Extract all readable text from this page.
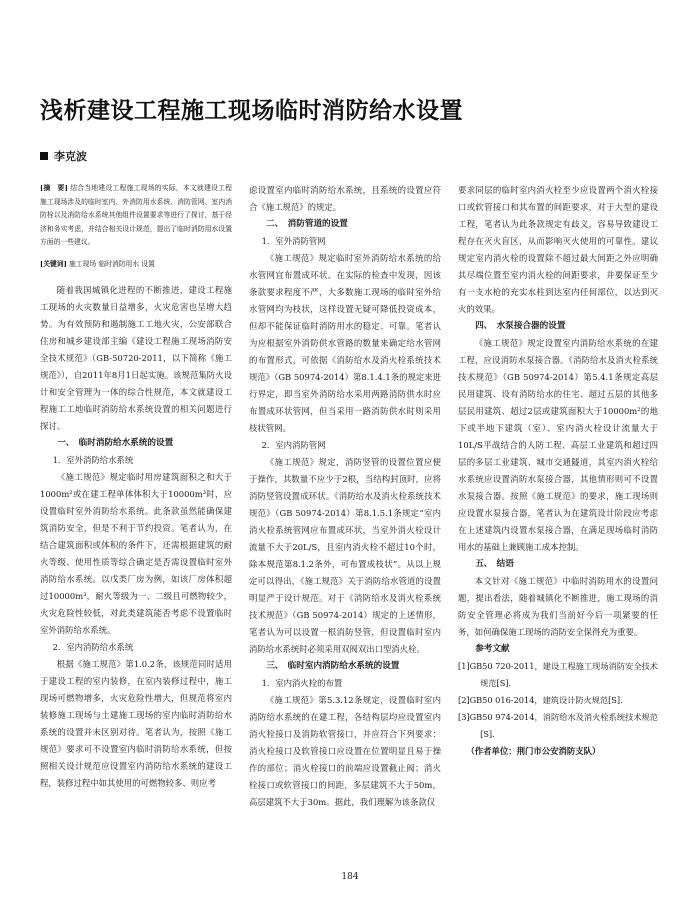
浅析建设工程施工现场临时消防给水设置
李克波
[摘　要] 结合当地建设工程施工现场的实际，本文就建设工程施工现场涉及的临时室内、外消防用水系统、消防管网、室内消防栓以及消防给水系统其他组件设置要求等进行了探讨，基于经济和务实考虑，并结合相关设计规范，提出了临时消防用水设置方面的一些建议。
[关键词] 施工现场 临时消防用水 设置

随着我国城镇化进程的不断推进，建设工程施工现场的火灾数量日益增多，火灾危害也呈增大趋势。为有效预防和遏制施工工地火灾，公安部联合住房和城乡建设部主编《建设工程施工现场消防安全技术规范》（GB-50720-2011，以下简称《施工规范》），自2011年8月1日起实施。该规范集防火设计和安全管理为一体的综合性规范，本文就建设工程施工工地临时消防给水系统设置的相关问题进行探讨。

一、　临时消防给水系统的设置

1．室外消防给水系统

《施工规范》规定临时用房建筑面积之和大于1000m²或在建工程单体体积大于10000m³时，应设置临时室外消防给水系统。此条款虽然能确保建筑消防安全，但是不利于节约投资。笔者认为，在结合建筑面积或体积的条件下，还需根据建筑的耐火等级、使用性质等综合确定是否需设置临时室外消防给水系统。以戊类厂房为例，如该厂房体积超过10000m³，耐火等级为一、二级且可燃物较少，火灾危险性较低，对此类建筑能否考虑不设置临时室外消防给水系统。

2．室内消防给水系统

根据《施工规范》第1.0.2条，该规范同时适用于建设工程的室内装修，在室内装修过程中，施工现场可燃物增多，火灾危险性增大，但规范将室内装修施工现场与土建施工现场的室内临时消防给水系统的设置并未区别对待。笔者认为，按照《施工规范》要求可不设置室内临时消防给水系统，但按照相关设计规范应设置室内消防给水系统的建设工程，装修过程中如其使用的可燃物较多、则应考

虑设置室内临时消防给水系统，且系统的设置应符合《施工规范》的规定。

二、　消防管道的设置

1．室外消防管网

《施工规范》规定临时室外消防给水系统的给水管网宜布置成环状。在实际的检查中发现，因该条款要求程度不严，大多数施工现场的临时室外给水管网均为枝状，这样设置无疑可降低投资成本，但却不能保证临时消防用水的稳定、可靠。笔者认为应根据室外消防供水管路的数量来确定给水管网的布置形式，可依据《消防给水及消火栓系统技术规范》（GB 50974-2014）第8.1.4.1条的规定来进行界定，即当室外消防给水采用两路消防供水时应布置成环状管网，但当采用一路消防供水时则采用枝状管网。

2．室内消防管网

《施工规范》规定，消防竖管的设置位置应便于操作，其数量不应少于2根，当结构封顶时，应将消防竖管设置成环状。《消防给水及消火栓系统技术规范》（GB 50974-2014）第8.1.5.1条规定“室内消火栓系统管网应布置成环状，当室外消火栓设计流量不大于20L/S，且室内消火栓不超过10个时，除本规范第8.1.2条外，可布置成枝状”。从以上规定可以得出，《施工规范》关于消防给水管道的设置明显严于设计规范。对于《消防给水及消火栓系统技术规范》（GB 50974-2014）规定的上述情形，笔者认为可以设置一根消防竖管，但设置临时室内消防给水系统时必须采用双阀双出口型消火栓。

三、　临时室内消防给水系统的设置

1．室内消火栓的布置

《施工规范》第5.3.12条规定，设置临时室内消防给水系统的在建工程，各结构层均应设置室内消火栓接口及消防软管接口，并应符合下列要求：消火栓接口及软管接口应设置在位置明显且易于操作的部位；消火栓接口的前端应设置截止阀；消火栓接口或软管接口的间距，多层建筑不大于50m，高层建筑不大于30m。据此，我们理解为该条款仅

要求同层的临时室内消火栓至少应设置两个消火栓接口或软管接口和其布置的间距要求，对于大型的建设工程，笔者认为此条款规定有歧义，容易导致建设工程存在灭火盲区，从而影响灭火使用的可靠性。建议规定室内消火栓的设置除不超过最大间距之外应明确其尽端位置至室内消火栓的间距要求，并要保证至少有一支水枪的充实水柱到达室内任何部位，以达到灭火的效果。

四、　水泵接合器的设置

《施工规范》规定设置室内消防给水系统的在建工程，应设消防水泵接合器。《消防给水及消火栓系统技术规范》（GB 50974-2014）第5.4.1条规定高层民用建筑、设有消防给水的住宅、超过五层的其他多层民用建筑、超过2层或建筑面积大于10000m²的地下或半地下建筑（室）、室内消火栓设计流量大于10L/S平战结合的人防工程、高层工业建筑和超过四层的多层工业建筑、城市交通隧道，其室内消火栓给水系统应设置消防水泵接合器，其他情形则可不设置水泵接合器。按照《施工规范》的要求，施工现场则应设置水泵接合器，笔者认为在建筑设计阶段应考虑在上述建筑内设置水泵接合器，在满足现场临时消防用水的基础上兼顾施工成本控制。

五、　结语

本文针对《施工规范》中临时消防用水的设置问题，提出看法，随着城镇化不断推进，施工现场的消防安全管理必将成为我们当前好今后一项紧要的任务，如何确保施工现场的消防安全保得充为重要。

参考文献

[1]GB50 720-2011，建设工程施工现场消防安全技术规范[S].

[2]GB50 016-2014，建筑设计防火规范[S].

[3]GB50 974-2014，消防给水及消火栓系统技术规范[S].

（作者单位：荆门市公安消防支队）

184
